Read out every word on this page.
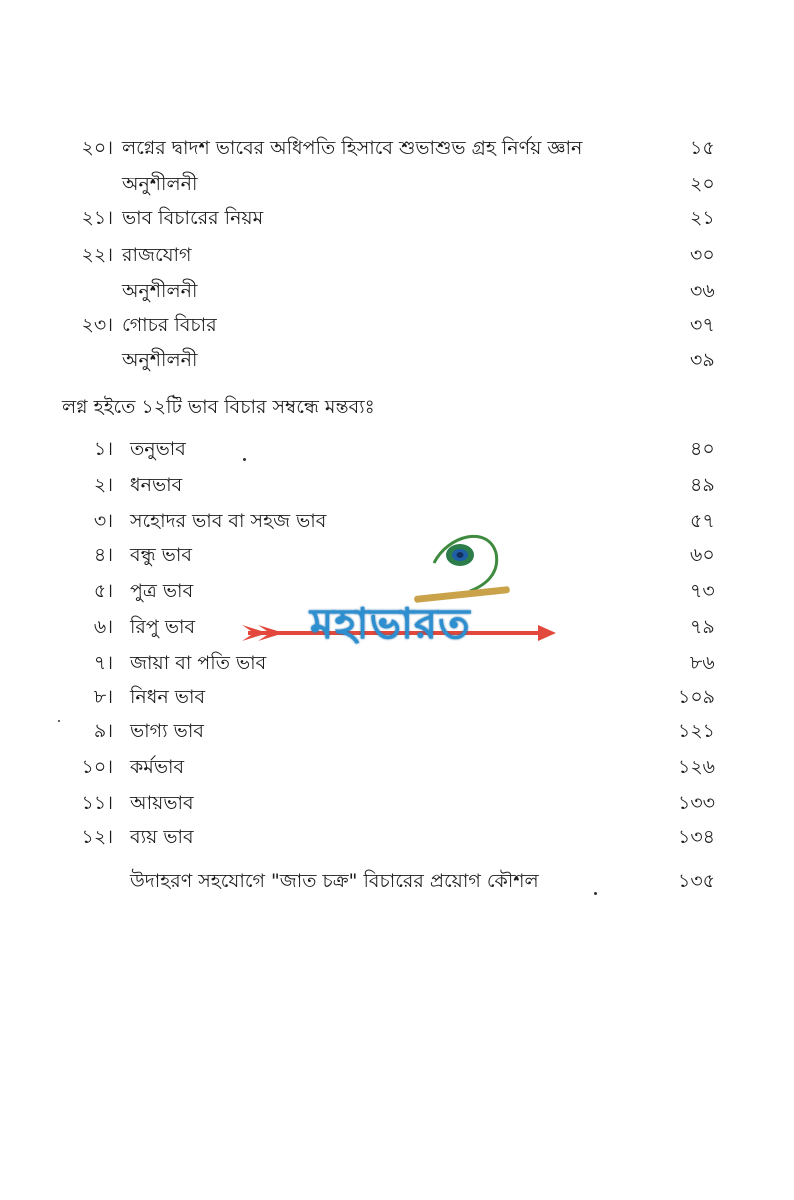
২০। লগ্নের দ্বাদশ ভাবের অধিপতি হিসাবে শুভাশুভ গ্রহ নির্ণয় জ্ঞান	১৫
অনুশীলনী	২০
২১। ভাব বিচারের নিয়ম	২১
২২। রাজযোগ	৩০
অনুশীলনী	৩৬
২৩। গোচর বিচার	৩৭
অনুশীলনী	৩৯
লগ্ন হইতে ১২টি ভাব বিচার সম্বন্ধে মন্তব্যঃ
১। তনুভাব	৪০
২। ধনভাব	৪৯
৩। সহোদর ভাব বা সহজ ভাব	৫৭
৪। বন্ধু ভাব	৬০
৫। পুত্র ভাব	৭৩
৬। রিপু ভাব	৭৯
৭। জায়া বা পতি ভাব	৮৬
৮। নিধন ভাব	১০৯
৯। ভাগ্য ভাব	১২১
১০। কর্মভাব	১২৬
১১। আয়ভাব	১৩৩
১২। ব্যয় ভাব	১৩৪
উদাহরণ সহযোগে "জাত চক্র" বিচারের প্রয়োগ কৌশল	১৩৫
মহাভারত
